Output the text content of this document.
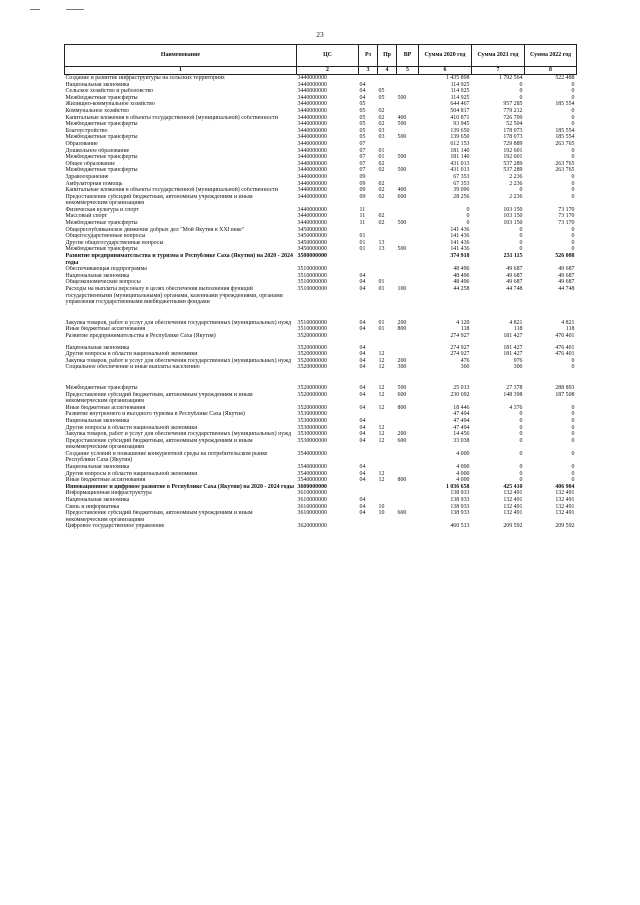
23
Наименование	ЦС	Рз	Пр	ВР	Сумма 2020 год	Сумма 2021 год	Сумма 2022 год
1	2	3	4	5	6	7	8
Создание и развитие инфраструктуры на сельских территориях	3440000000				1 435 898	1 792 564	522 488
Национальная экономика	3440000000	04			114 925	0	0
Сельское хозяйство и рыболовство	3440000000	04	05		114 925	0	0
Межбюджетные трансферты	3440000000	04	05	500	114 925	0	0
Жилищно-коммунальное хозяйство	3440000000	05			644 467	957 285	185 554
Коммунальное хозяйство	3440000000	05	02		504 817	779 212	0
Капитальные вложения в объекты государственной (муниципальной) собственности	3440000000	05	02	400	410 871	726 709	0
Межбюджетные трансферты	3440000000	05	02	500	93 945	52 504	0
Благоустройство	3440000000	05	03		139 650	178 073	185 554
Межбюджетные трансферты	3440000000	05	03	500	139 650	178 073	185 554
Образование	3440000000	07			612 153	729 889	263 765
Дошкольное образование	3440000000	07	01		181 140	192 601	0
Межбюджетные трансферты	3440000000	07	01	500	181 140	192 601	0
Общее образование	3440000000	07	02		431 013	537 289	263 765
Межбюджетные трансферты	3440000000	07	02	500	431 013	537 289	263 765
Здравоохранение	3440000000	09			67 353	2 236	0
Амбулаторная помощь	3440000000	09	02		67 353	2 236	0
Капитальные вложения в объекты государственной (муниципальной) собственности	3440000000	09	02	400	39 096	0	0
Предоставление субсидий бюджетным, автономным учреждениям и иным некоммерческим организациям	3440000000	09	02	600	28 256	2 236	0
Физическая культура и спорт	3440000000	11			0	103 150	73 170
Массовый спорт	3440000000	11	02		0	103 150	73 170
Межбюджетные трансферты	3440000000	11	02	500	0	103 150	73 170
Общереспубликанское движение добрых дел "Мой Якутия в XXI веке"	3450000000				141 436	0	0
Общегосударственные вопросы	3450000000	01			141 436	0	0
Другие общегосударственные вопросы	3450000000	01	13		141 436	0	0
Межбюджетные трансферты	3450000000	01	13	500	141 436	0	0
Развитие предпринимательства и туризма в Республике Саха (Якутия) на 2020 - 2024 годы	3500000000				374 918	231 115	526 088
Обеспечивающая подпрограмма	3510000000				48 496	49 687	49 687
Национальная экономика	3510000000	04			48 496	49 687	49 687
Общеэкономические вопросы	3510000000	04	01		48 496	49 687	49 687
Расходы на выплаты персоналу в целях обеспечения выполнения функций государственными (муниципальными) органами, казенными учреждениями, органами управления государственными внебюджетными фондами	3510000000	04	01	100	44 258	44 748	44 748
Закупка товаров, работ и услуг для обеспечения государственных (муниципальных) нужд	3510000000	04	01	200	4 120	4 821	4 821
Иные бюджетные ассигнования	3510000000	04	01	800	118	118	118
Развитие предпринимательства в Республике Саха (Якутия)	3520000000				274 927	181 427	476 401
Национальная экономика	3520000000	04			274 927	181 427	476 401
Другие вопросы в области национальной экономики	3520000000	04	12		274 927	181 427	476 401
Закупка товаров, работ и услуг для обеспечения государственных (муниципальных) нужд	3520000000	04	12	200	476	976	0
Социальное обеспечение и иные выплаты населению	3520000000	04	12	300	300	300	0
Межбюджетные трансферты	3520000000	04	12	500	25 013	27 378	288 893
Предоставление субсидий бюджетным, автономным учреждениям и иным некоммерческим организациям	3520000000	04	12	600	230 692	148 398	187 508
Иные бюджетные ассигнования	3520000000	04	12	800	18 446	4 376	0
Развитие внутреннего и въездного туризма в Республике Саха (Якутия)	3530000000				47 494	0	0
Национальная экономика	3530000000	04			47 494	0	0
Другие вопросы в области национальной экономики	3530000000	04	12		47 494	0	0
Закупка товаров, работ и услуг для обеспечения государственных (муниципальных) нужд	3530000000	04	12	200	14 456	0	0
Предоставление субсидий бюджетным, автономным учреждениям и иным некоммерческим организациям	3530000000	04	12	600	33 038	0	0
Создание условий и повышение конкурентной среды на потребительском рынке Республики Саха (Якутия)	3540000000				4 000	0	0
Национальная экономика	3540000000	04			4 000	0	0
Другие вопросы в области национальной экономики	3540000000	04	12		4 000	0	0
Иные бюджетные ассигнования	3540000000	04	12	800	4 000	0	0
Инновационное и цифровое развитие в Республике Саха (Якутия) на 2020 - 2024 годы	3600000000				1 036 658	425 410	406 904
Информационная инфраструктура	3610000000				138 933	132 491	132 491
Национальная экономика	3610000000	04			138 933	132 491	132 491
Связь и информатика	3610000000	04	10		138 933	132 491	132 491
Предоставление субсидий бюджетным, автономным учреждениям и иным некоммерческим организациям	3610000000	04	10	600	138 933	132 491	132 491
Цифровое государственное управление	3620000000				460 513	209 592	209 592
